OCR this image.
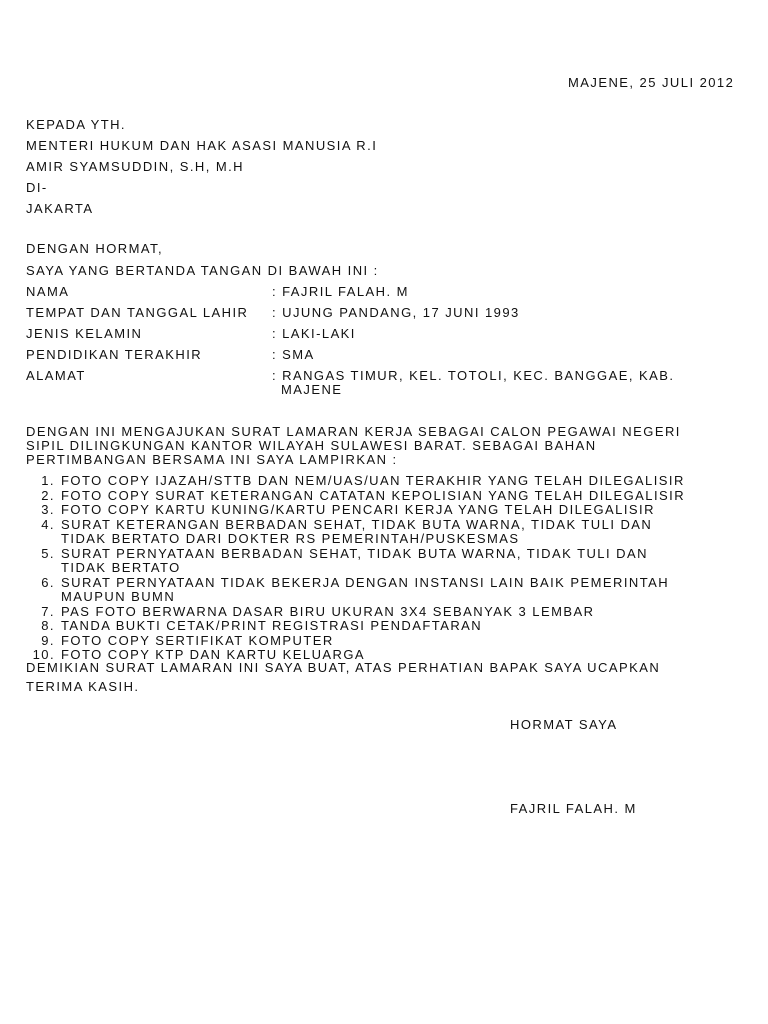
MAJENE, 25 JULI 2012

KEPADA YTH.

MENTERI HUKUM DAN HAK ASASI MANUSIA R.I

AMIR SYAMSUDDIN, S.H, M.H

DI-

JAKARTA

DENGAN HORMAT,

SAYA YANG BERTANDA TANGAN DI BAWAH INI :

NAMA	: FAJRIL FALAH. M

TEMPAT DAN TANGGAL LAHIR : UJUNG PANDANG, 17 JUNI 1993

JENIS KELAMIN	: LAKI-LAKI

PENDIDIKAN TERAKHIR	: SMA

ALAMAT	: RANGAS TIMUR, KEL. TOTOLI, KEC. BANGGAE, KAB.

MAJENE

DENGAN INI MENGAJUKAN SURAT LAMARAN KERJA SEBAGAI CALON PEGAWAI NEGERI

SIPIL DILINGKUNGAN KANTOR WILAYAH SULAWESI BARAT. SEBAGAI BAHAN

PERTIMBANGAN BERSAMA INI SAYA LAMPIRKAN :

1. FOTO COPY IJAZAH/STTB DAN NEM/UAS/UAN TERAKHIR YANG TELAH DILEGALISIR
2. FOTO COPY SURAT KETERANGAN CATATAN KEPOLISIAN YANG TELAH DILEGALISIR
3. FOTO COPY KARTU KUNING/KARTU PENCARI KERJA YANG TELAH DILEGALISIR
4. SURAT KETERANGAN BERBADAN SEHAT, TIDAK BUTA WARNA, TIDAK TULI DAN
TIDAK BERTATO DARI DOKTER RS PEMERINTAH/PUSKESMAS
5. SURAT PERNYATAAN BERBADAN SEHAT, TIDAK BUTA WARNA, TIDAK TULI DAN
TIDAK BERTATO
6. SURAT PERNYATAAN TIDAK BEKERJA DENGAN INSTANSI LAIN BAIK PEMERINTAH
MAUPUN BUMN
7. PAS FOTO BERWARNA DASAR BIRU UKURAN 3X4 SEBANYAK 3 LEMBAR
8. TANDA BUKTI CETAK/PRINT REGISTRASI PENDAFTARAN
9. FOTO COPY SERTIFIKAT KOMPUTER
10. FOTO COPY KTP DAN KARTU KELUARGA

DEMIKIAN SURAT LAMARAN INI SAYA BUAT, ATAS PERHATIAN BAPAK SAYA UCAPKAN

TERIMA KASIH.

HORMAT SAYA

FAJRIL FALAH. M
